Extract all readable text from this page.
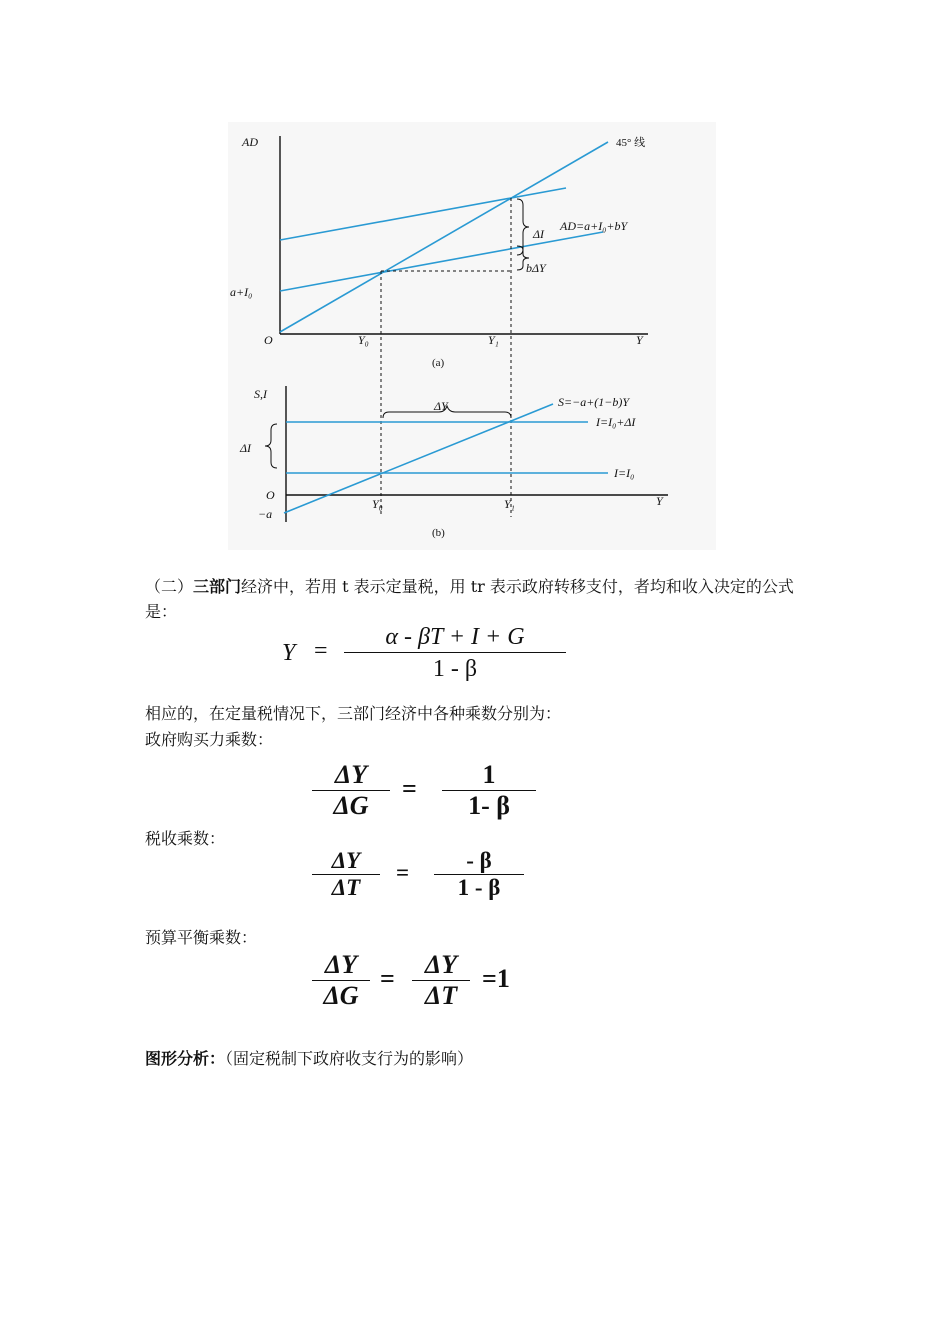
AD
Y
O
45° 线
AD=a+I₀+bY
a+I₀
ΔI
bΔY
Y₀	Y₁
(a)
S,I
Y
O
−a
S=−a+(1−b)Y
I=I₀+ΔI
I=I₀
ΔI
ΔY
Y₀	Y₁
(b)
（二）三部门经济中，若用 t 表示定量税，用 tr 表示政府转移支付，者均和收入决定的公式是：
Y =
α - βT + I + G
1 - β
相应的，在定量税情况下，三部门经济中各种乘数分别为：
政府购买力乘数：
ΔY
ΔG
=	1
1- β
税收乘数：
ΔY
ΔT
=	- β
1 - β
预算平衡乘数：
ΔY
ΔG
=	ΔY
ΔT
=1
图形分析：（固定税制下政府收支行为的影响）
